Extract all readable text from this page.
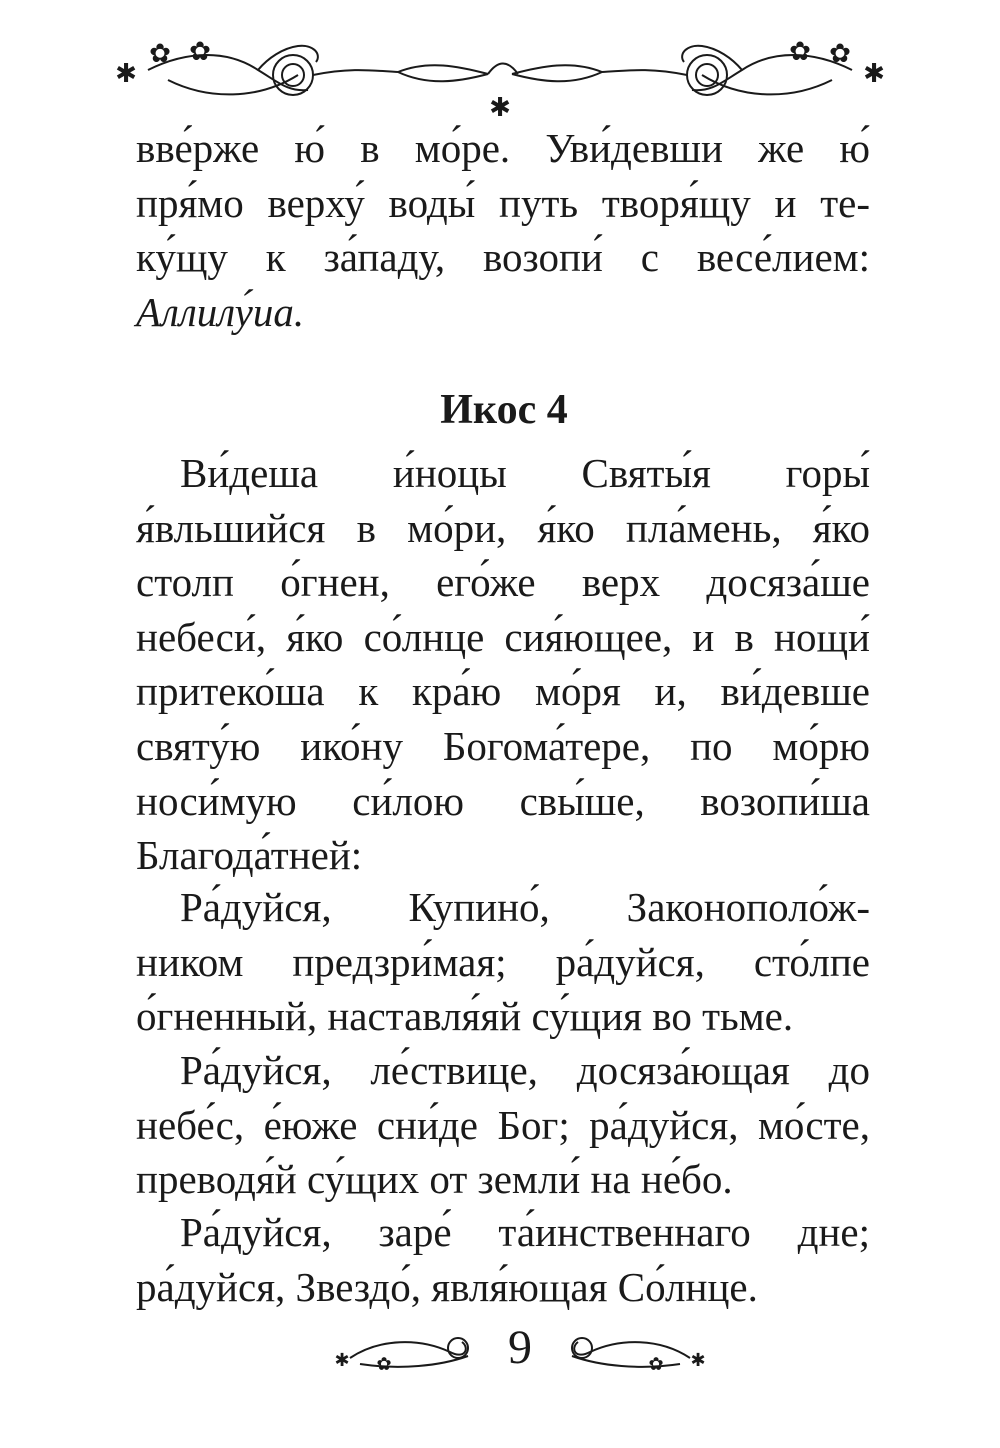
✱
✿ ✿
✱
✿ ✿
✱
вве́рже ю́ в мо́ре. Уви́девши же ю́
пря́мо верху́ воды́ путь творя́щу и те-
ку́щу к за́паду, возопи́ с весе́лием:
Аллилу́иа.
Икос 4
Ви́деша и́ноцы Святы́я горы́
я́вльшийся в мо́ри, я́ко пла́мень, я́ко
столп о́гнен, его́же верх досяза́ше
небеси́, я́ко со́лнце сия́ющее, и в нощи́
притеко́ша к кра́ю мо́ря и, ви́девше
святу́ю ико́ну Богома́тере, по мо́рю
носи́мую си́лою свы́ше, возопи́ша
Благода́тней:
Ра́дуйся, Купино́, Законополо́ж-
ником предзри́мая; ра́дуйся, сто́лпе
о́гненный, наставля́яй су́щия во тьме.
Ра́дуйся, ле́ствице, досяза́ющая до
небе́с, е́юже сни́де Бог; ра́дуйся, мо́сте,
преводя́й су́щих от земли́ на не́бо.
Ра́дуйся, заре́ та́инственнаго дне;
ра́дуйся, Звездо́, явля́ющая Со́лнце.
✱ ✿	✿ ✱
9
